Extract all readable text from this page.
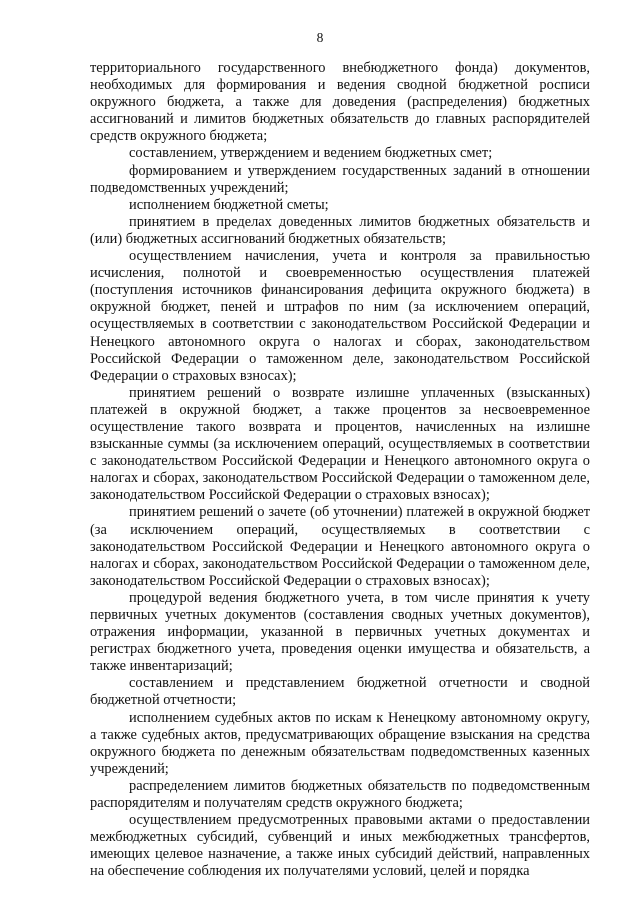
8

территориального государственного внебюджетного фонда) документов, необходимых для формирования и ведения сводной бюджетной росписи окружного бюджета, а также для доведения (распределения) бюджетных ассигнований и лимитов бюджетных обязательств до главных распорядителей средств окружного бюджета;

составлением, утверждением и ведением бюджетных смет;

формированием и утверждением государственных заданий в отношении подведомственных учреждений;

исполнением бюджетной сметы;

принятием в пределах доведенных лимитов бюджетных обязательств и (или) бюджетных ассигнований бюджетных обязательств;

осуществлением начисления, учета и контроля за правильностью исчисления, полнотой и своевременностью осуществления платежей (поступления источников финансирования дефицита окружного бюджета) в окружной бюджет, пеней и штрафов по ним (за исключением операций, осуществляемых в соответствии с законодательством Российской Федерации и Ненецкого автономного округа о налогах и сборах, законодательством Российской Федерации о таможенном деле, законодательством Российской Федерации о страховых взносах);

принятием решений о возврате излишне уплаченных (взысканных) платежей в окружной бюджет, а также процентов за несвоевременное осуществление такого возврата и процентов, начисленных на излишне взысканные суммы (за исключением операций, осуществляемых в соответствии с законодательством Российской Федерации и Ненецкого автономного округа о налогах и сборах, законодательством Российской Федерации о таможенном деле, законодательством Российской Федерации о страховых взносах);

принятием решений о зачете (об уточнении) платежей в окружной бюджет (за исключением операций, осуществляемых в соответствии с законодательством Российской Федерации и Ненецкого автономного округа о налогах и сборах, законодательством Российской Федерации о таможенном деле, законодательством Российской Федерации о страховых взносах);

процедурой ведения бюджетного учета, в том числе принятия к учету первичных учетных документов (составления сводных учетных документов), отражения информации, указанной в первичных учетных документах и регистрах бюджетного учета, проведения оценки имущества и обязательств, а также инвентаризаций;

составлением и представлением бюджетной отчетности и сводной бюджетной отчетности;

исполнением судебных актов по искам к Ненецкому автономному округу, а также судебных актов, предусматривающих обращение взыскания на средства окружного бюджета по денежным обязательствам подведомственных казенных учреждений;

распределением лимитов бюджетных обязательств по подведомственным распорядителям и получателям средств окружного бюджета;

осуществлением предусмотренных правовыми актами о предоставлении межбюджетных субсидий, субвенций и иных межбюджетных трансфертов, имеющих целевое назначение, а также иных субсидий действий, направленных на обеспечение соблюдения их получателями условий, целей и порядка
